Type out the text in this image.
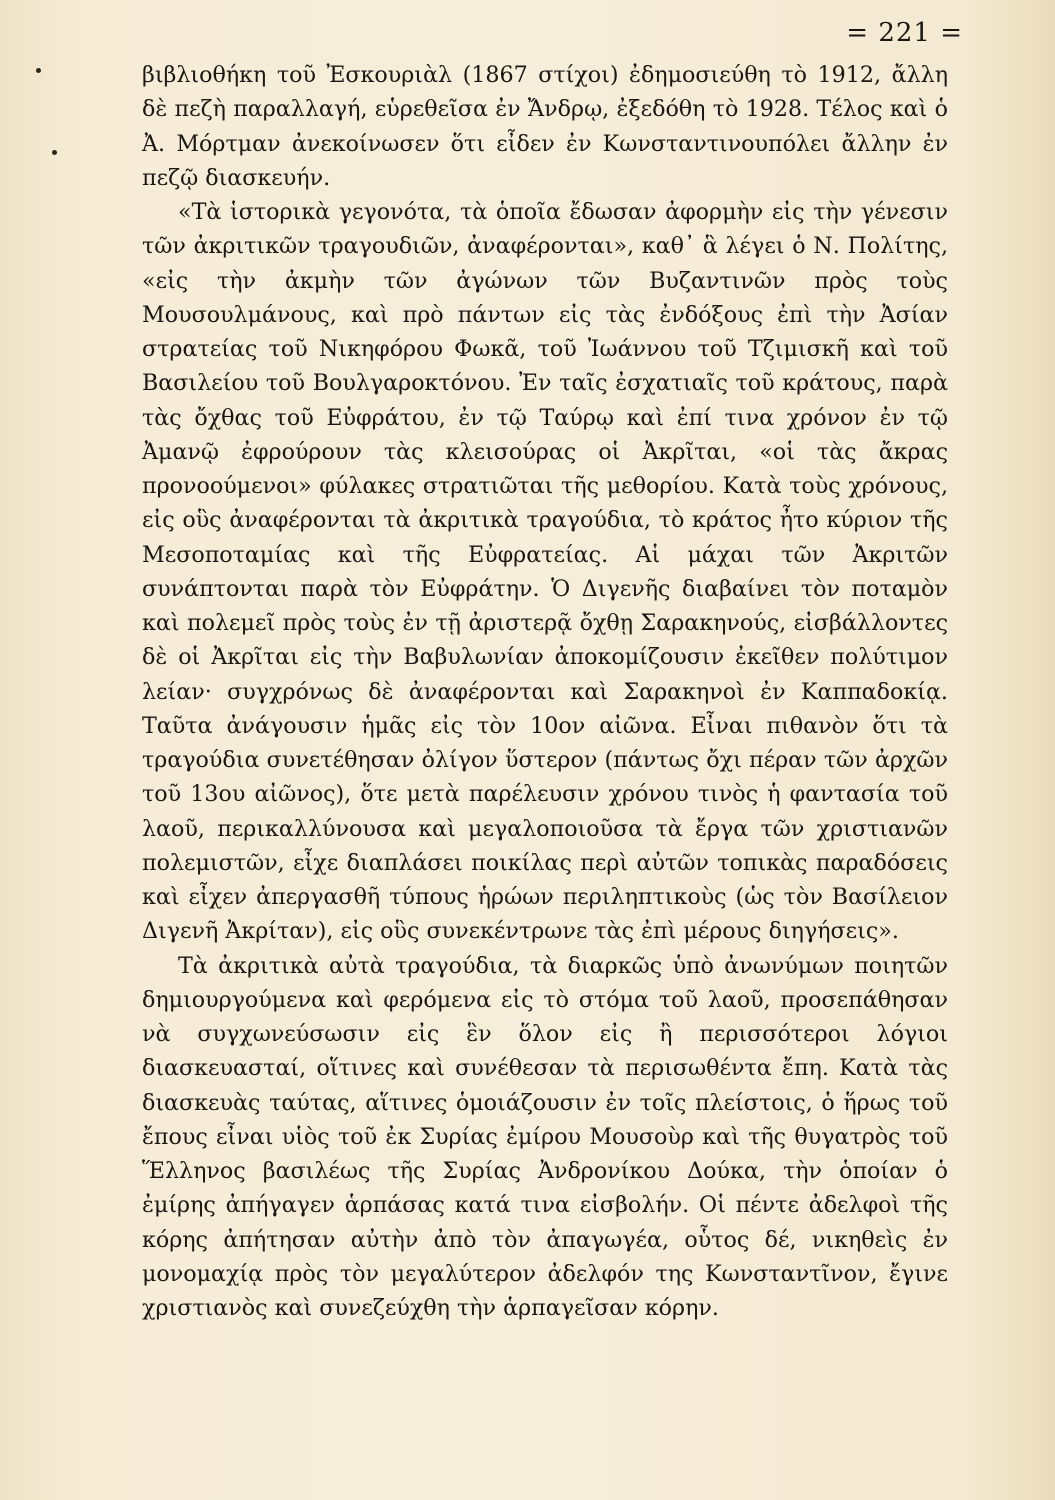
= 221 =

βιβλιοθήκη τοῦ Ἐσκουριὰλ (1867 στίχοι) ἐδημοσιεύθη τὸ 1912, ἄλλη δὲ πεζὴ παραλλαγή, εὑρεθεῖσα ἐν Ἄνδρῳ, ἐξεδόθη τὸ 1928. Τέλος καὶ ὁ Ἀ. Μόρτμαν ἀνεκοίνωσεν ὅτι εἶδεν ἐν Κωνσταντινουπόλει ἄλλην ἐν πεζῷ διασκευήν.

«Τὰ ἱστορικὰ γεγονότα, τὰ ὁποῖα ἔδωσαν ἀφορμὴν εἰς τὴν γένεσιν τῶν ἀκριτικῶν τραγουδιῶν, ἀναφέρονται», καθ᾿ ἃ λέγει ὁ Ν. Πολίτης, «εἰς τὴν ἀκμὴν τῶν ἀγώνων τῶν Βυζαντινῶν πρὸς τοὺς Μουσουλμάνους, καὶ πρὸ πάντων εἰς τὰς ἐνδόξους ἐπὶ τὴν Ἀσίαν στρατείας τοῦ Νικηφόρου Φωκᾶ, τοῦ Ἰωάννου τοῦ Τζιμισκῆ καὶ τοῦ Βασιλείου τοῦ Βουλγαροκτόνου. Ἐν ταῖς ἐσχατιαῖς τοῦ κράτους, παρὰ τὰς ὄχθας τοῦ Εὐφράτου, ἐν τῷ Ταύρῳ καὶ ἐπί τινα χρόνον ἐν τῷ Ἀμανῷ ἐφρούρουν τὰς κλεισούρας οἱ Ἀκρῖται, «οἱ τὰς ἄκρας προνοούμενοι» φύλακες στρατιῶται τῆς μεθορίου. Κατὰ τοὺς χρόνους, εἰς οὓς ἀναφέρονται τὰ ἀκριτικὰ τραγούδια, τὸ κράτος ἦτο κύριον τῆς Μεσοποταμίας καὶ τῆς Εὐφρατείας. Αἱ μάχαι τῶν Ἀκριτῶν συνάπτονται παρὰ τὸν Εὐφράτην. Ὁ Διγενῆς διαβαίνει τὸν ποταμὸν καὶ πολεμεῖ πρὸς τοὺς ἐν τῇ ἀριστερᾷ ὄχθῃ Σαρακηνούς, εἰσβάλλοντες δὲ οἱ Ἀκρῖται εἰς τὴν Βαβυλωνίαν ἀποκομίζουσιν ἐκεῖθεν πολύτιμον λείαν· συγχρόνως δὲ ἀναφέρονται καὶ Σαρακηνοὶ ἐν Καππαδοκίᾳ. Ταῦτα ἀνάγουσιν ἡμᾶς εἰς τὸν 10ον αἰῶνα. Εἶναι πιθανὸν ὅτι τὰ τραγούδια συνετέθησαν ὀλίγον ὕστερον (πάντως ὄχι πέραν τῶν ἀρχῶν τοῦ 13ου αἰῶνος), ὅτε μετὰ παρέλευσιν χρόνου τινὸς ἡ φαντασία τοῦ λαοῦ, περικαλλύνουσα καὶ μεγαλοποιοῦσα τὰ ἔργα τῶν χριστιανῶν πολεμιστῶν, εἶχε διαπλάσει ποικίλας περὶ αὐτῶν τοπικὰς παραδόσεις καὶ εἶχεν ἀπεργασθῆ τύπους ἡρώων περιληπτικοὺς (ὡς τὸν Βασίλειον Διγενῆ Ἀκρίταν), εἰς οὓς συνεκέντρωνε τὰς ἐπὶ μέρους διηγήσεις».

Τὰ ἀκριτικὰ αὐτὰ τραγούδια, τὰ διαρκῶς ὑπὸ ἀνωνύμων ποιητῶν δημιουργούμενα καὶ φερόμενα εἰς τὸ στόμα τοῦ λαοῦ, προσεπάθησαν νὰ συγχωνεύσωσιν εἰς ἓν ὅλον εἰς ἢ περισσότεροι λόγιοι διασκευασταί, οἵτινες καὶ συνέθεσαν τὰ περισωθέντα ἔπη. Κατὰ τὰς διασκευὰς ταύτας, αἵτινες ὁμοιάζουσιν ἐν τοῖς πλείστοις, ὁ ἥρως τοῦ ἔπους εἶναι υἱὸς τοῦ ἐκ Συρίας ἐμίρου Μουσοὺρ καὶ τῆς θυγατρὸς τοῦ Ἕλληνος βασιλέως τῆς Συρίας Ἀνδρονίκου Δούκα, τὴν ὁποίαν ὁ ἐμίρης ἀπήγαγεν ἁρπάσας κατά τινα εἰσβολήν. Οἱ πέντε ἀδελφοὶ τῆς κόρης ἀπήτησαν αὐτὴν ἀπὸ τὸν ἀπαγωγέα, οὗτος δέ, νικηθεὶς ἐν μονομαχίᾳ πρὸς τὸν μεγαλύτερον ἀδελφόν της Κωνσταντῖνον, ἔγινε χριστιανὸς καὶ συνεζεύχθη τὴν ἁρπαγεῖσαν κόρην.
